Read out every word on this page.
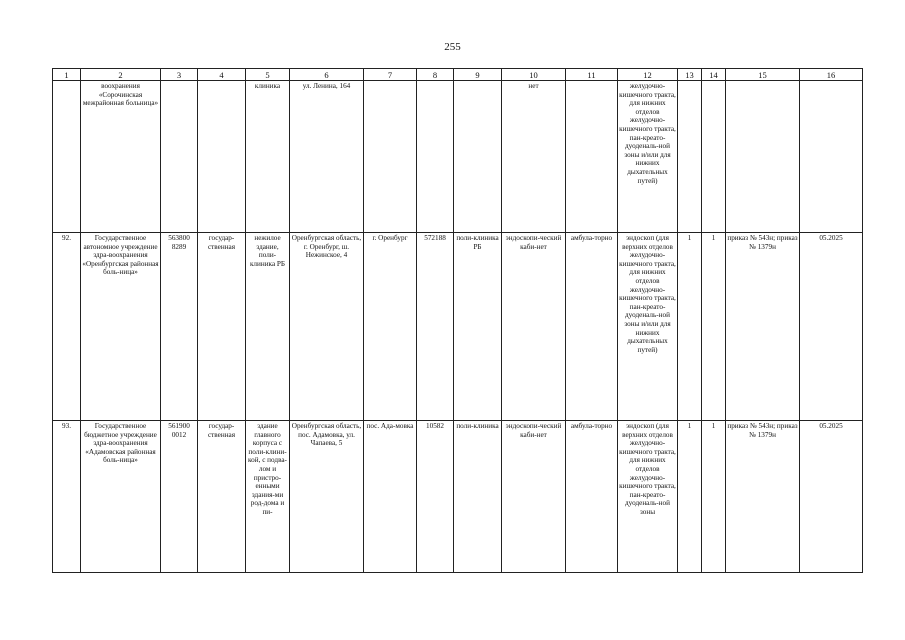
255
1	2	3	4	5	6	7	8	9	10	11	12	13	14	15	16
	воохранения «Сорочинская межрайонная больница»			клиника	ул. Ленина, 164				нет		желудочно-кишечного тракта, для нижних отделов желудочно-кишечного тракта, пан-креато-дуоденаль-ной зоны и/или для нижних дыхательных путей)				
92.	Государственное автономное учреждение здра-воохранения «Оренбургская районная боль-ница»	563800 8289	государ-ственная	нежилое здание, поли-клиника РБ	Оренбургская область, г. Оренбург, ш. Нежинское, 4	г. Оренбург	572188	поли-клиника РБ	эндоскопи-ческий каби-нет	амбула-торно	эндоскоп (для верхних отделов желудочно-кишечного тракта, для нижних отделов желудочно-кишечного тракта, пан-креато-дуоденаль-ной зоны и/или для нижних дыхательных путей)	1	1	приказ № 543н; приказ № 1379н	05.2025
93.	Государственное бюджетное учреждение здра-воохранения «Адамовская районная боль-ница»	561900 0012	государ-ственная	здание главного корпуса с поли-клини-кой, с подва-лом и пристро-енными здания-ми род-дома и пи-	Оренбургская область, пос. Адамовка, ул. Чапаева, 5	пос. Ада-мовка	10582	поли-клиника	эндоскопи-ческий каби-нет	амбула-торно	эндоскоп (для верхних отделов желудочно-кишечного тракта, для нижних отделов желудочно-кишечного тракта, пан-креато-дуоденаль-ной зоны	1	1	приказ № 543н; приказ № 1379н	05.2025
